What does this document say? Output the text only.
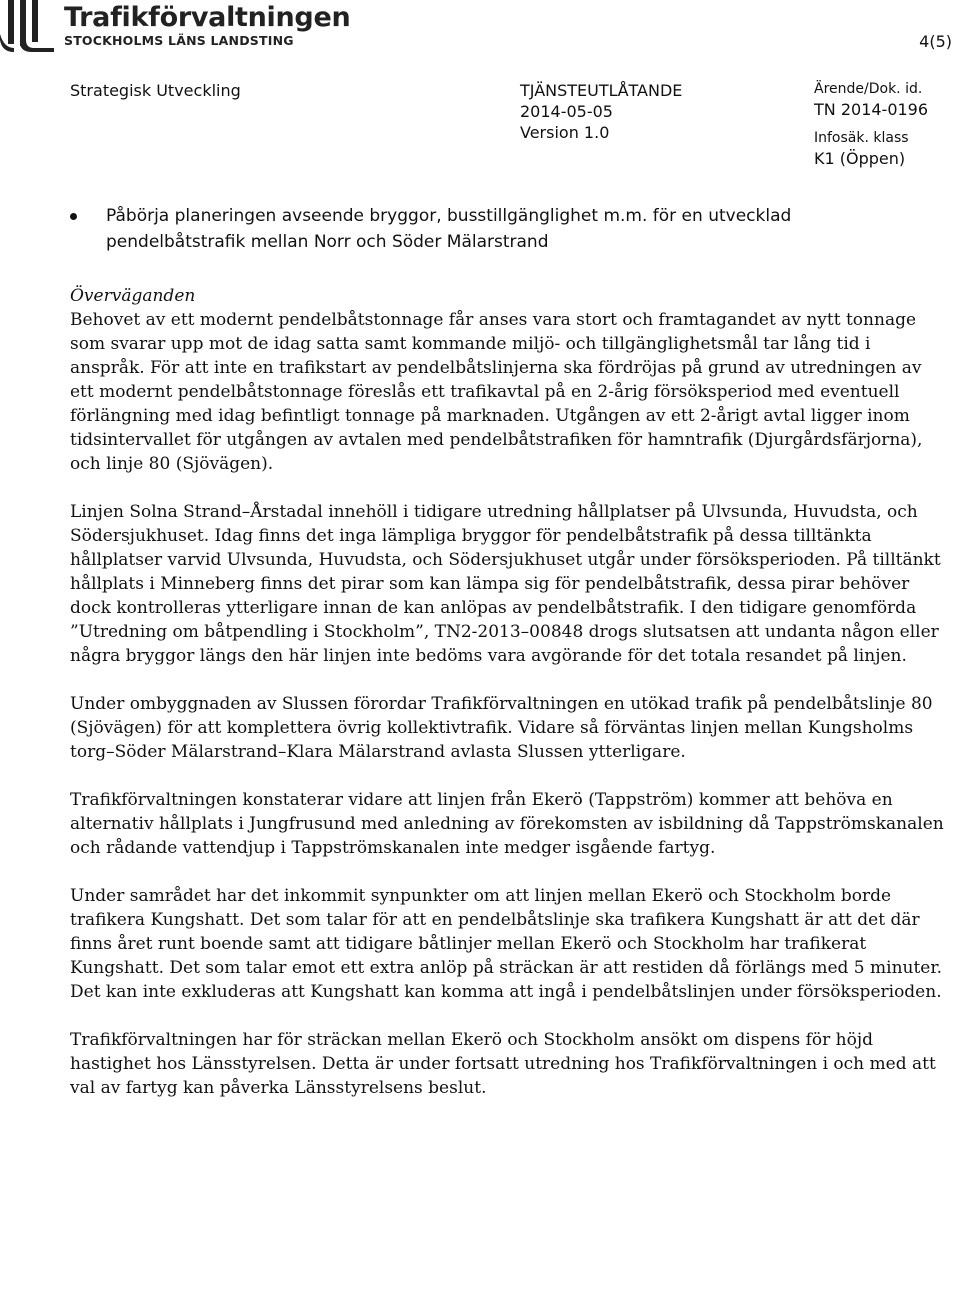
Trafikförvaltningen
STOCKHOLMS LÄNS LANDSTING	4(5)
Strategisk Utveckling	TJÄNSTEUTLÅTANDE
2014-05-05
Version 1.0
Ärende/Dok. id.
TN 2014-0196
Infosäk. klass
K1 (Öppen)
Påbörja planeringen avseende bryggor, busstillgänglighet m.m. för en utvecklad pendelbåtstrafik mellan Norr och Söder Mälarstrand
Överväganden

Behovet av ett modernt pendelbåtstonnage får anses vara stort och framtagandet av nytt tonnage som svarar upp mot de idag satta samt kommande miljö- och tillgänglighetsmål tar lång tid i anspråk. För att inte en trafikstart av pendelbåtslinjerna ska fördröjas på grund av utredningen av ett modernt pendelbåtstonnage föreslås ett trafikavtal på en 2-årig försöksperiod med eventuell förlängning med idag befintligt tonnage på marknaden. Utgången av ett 2-årigt avtal ligger inom tidsintervallet för utgången av avtalen med pendelbåtstrafiken för hamntrafik (Djurgårdsfärjorna), och linje 80 (Sjövägen).

Linjen Solna Strand–Årstadal innehöll i tidigare utredning hållplatser på Ulvsunda, Huvudsta, och Södersjukhuset. Idag finns det inga lämpliga bryggor för pendelbåtstrafik på dessa tilltänkta hållplatser varvid Ulvsunda, Huvudsta, och Södersjukhuset utgår under försöksperioden. På tilltänkt hållplats i Minneberg finns det pirar som kan lämpa sig för pendelbåtstrafik, dessa pirar behöver dock kontrolleras ytterligare innan de kan anlöpas av pendelbåtstrafik. I den tidigare genomförda ”Utredning om båtpendling i Stockholm”, TN2-2013–00848 drogs slutsatsen att undanta någon eller några bryggor längs den här linjen inte bedöms vara avgörande för det totala resandet på linjen.

Under ombyggnaden av Slussen förordar Trafikförvaltningen en utökad trafik på pendelbåtslinje 80 (Sjövägen) för att komplettera övrig kollektivtrafik. Vidare så förväntas linjen mellan Kungsholms torg–Söder Mälarstrand–Klara Mälarstrand avlasta Slussen ytterligare.

Trafikförvaltningen konstaterar vidare att linjen från Ekerö (Tappström) kommer att behöva en alternativ hållplats i Jungfrusund med anledning av förekomsten av isbildning då Tappströmskanalen och rådande vattendjup i Tappströmskanalen inte medger isgående fartyg.

Under samrådet har det inkommit synpunkter om att linjen mellan Ekerö och Stockholm borde trafikera Kungshatt. Det som talar för att en pendelbåtslinje ska trafikera Kungshatt är att det där finns året runt boende samt att tidigare båtlinjer mellan Ekerö och Stockholm har trafikerat Kungshatt. Det som talar emot ett extra anlöp på sträckan är att restiden då förlängs med 5 minuter. Det kan inte exkluderas att Kungshatt kan komma att ingå i pendelbåtslinjen under försöksperioden.

Trafikförvaltningen har för sträckan mellan Ekerö och Stockholm ansökt om dispens för höjd hastighet hos Länsstyrelsen. Detta är under fortsatt utredning hos Trafikförvaltningen i och med att val av fartyg kan påverka Länsstyrelsens beslut.
